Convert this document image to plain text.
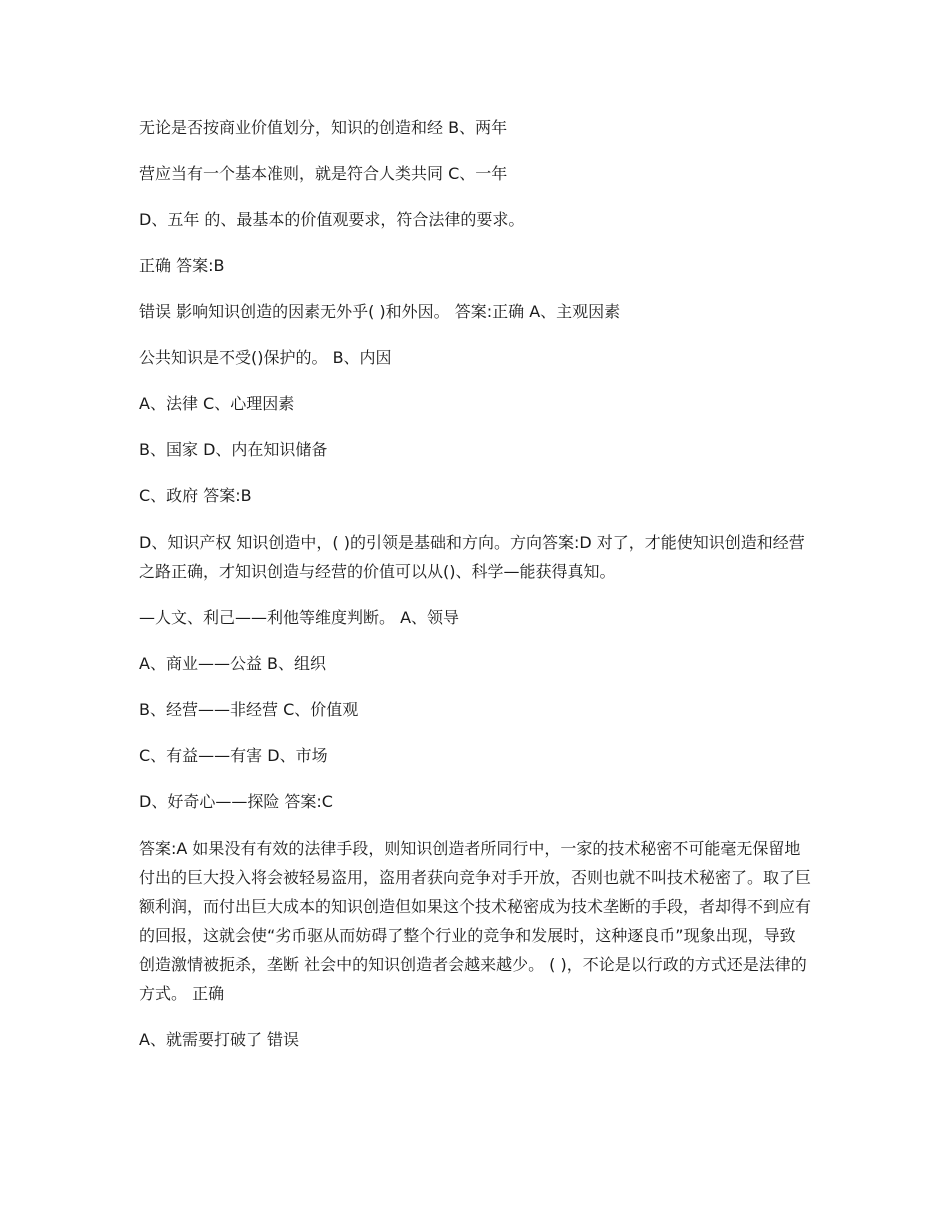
无论是否按商业价值划分，知识的创造和经 B、两年

营应当有一个基本准则，就是符合人类共同 C、一年

D、五年 的、最基本的价值观要求，符合法律的要求。

正确 答案:B

错误 影响知识创造的因素无外乎( )和外因。 答案:正确 A、主观因素

公共知识是不受()保护的。 B、内因

A、法律 C、心理因素

B、国家 D、内在知识储备

C、政府 答案:B

D、知识产权 知识创造中，( )的引领是基础和方向。方向答案:D 对了，才能使知识创造和经营之路正确，才知识创造与经营的价值可以从()、科学—能获得真知。

—人文、利己——利他等维度判断。 A、领导

A、商业——公益 B、组织

B、经营——非经营 C、价值观

C、有益——有害 D、市场

D、好奇心——探险 答案:C

答案:A 如果没有有效的法律手段，则知识创造者所同行中，一家的技术秘密不可能毫无保留地付出的巨大投入将会被轻易盗用，盗用者获向竞争对手开放，否则也就不叫技术秘密了。取了巨额利润，而付出巨大成本的知识创造但如果这个技术秘密成为技术垄断的手段，者却得不到应有的回报，这就会使“劣币驱从而妨碍了整个行业的竞争和发展时，这种逐良币”现象出现，导致创造激情被扼杀，垄断 社会中的知识创造者会越来越少。 ( )，不论是以行政的方式还是法律的方式。 正确

A、就需要打破了 错误
